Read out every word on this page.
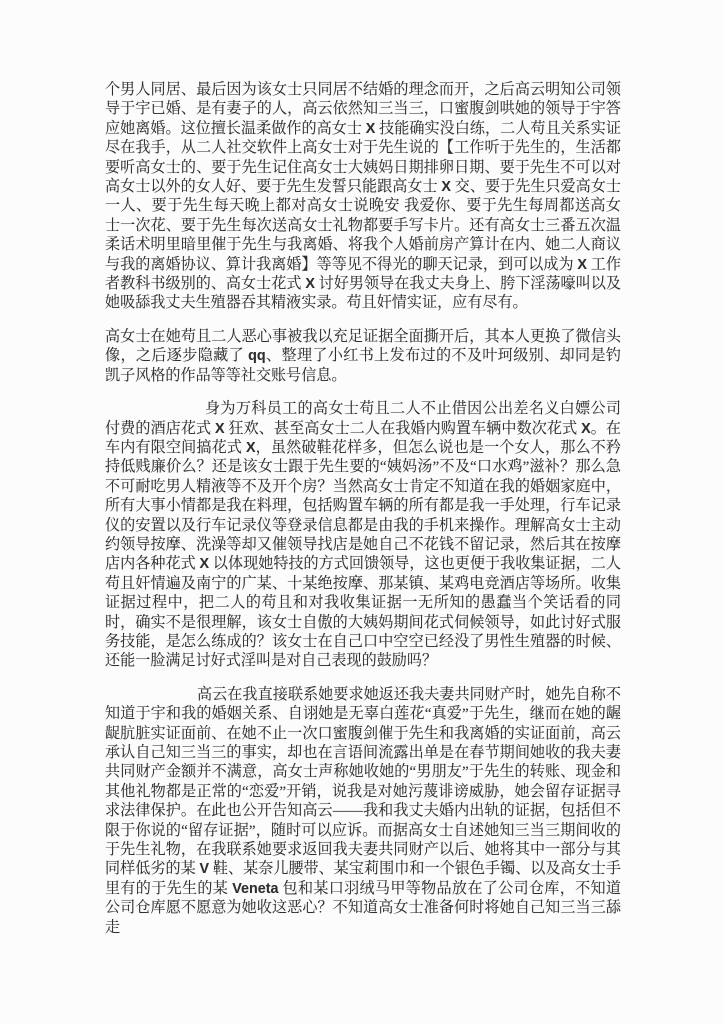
个男人同居、最后因为该女士只同居不结婚的理念而开，之后高云明知公司领导于宇已婚、是有妻子的人，高云依然知三当三，口蜜腹剑哄她的领导于宇答应她离婚。这位擅长温柔做作的高女士 X 技能确实没白练，二人苟且关系实证尽在我手，从二人社交软件上高女士对于先生说的【工作听于先生的，生活都要听高女士的、要于先生记住高女士大姨妈日期排卵日期、要于先生不可以对高女士以外的女人好、要于先生发誓只能跟高女士 X 交、要于先生只爱高女士一人、要于先生每天晚上都对高女士说晚安 我爱你、要于先生每周都送高女士一次花、要于先生每次送高女士礼物都要手写卡片。还有高女士三番五次温柔话术明里暗里催于先生与我离婚、将我个人婚前房产算计在内、她二人商议与我的离婚协议、算计我离婚】等等见不得光的聊天记录，到可以成为 X 工作者教科书级别的、高女士花式 X 讨好男领导在我丈夫身上、胯下淫荡嚎叫以及她吸舔我丈夫生殖器吞其精液实录。苟且奸情实证，应有尽有。

高女士在她苟且二人恶心事被我以充足证据全面撕开后，其本人更换了微信头像，之后逐步隐藏了 qq、整理了小红书上发布过的不及叶珂级别、却同是钓凯子风格的作品等等社交账号信息。

身为万科员工的高女士苟且二人不止借因公出差名义白嫖公司付费的酒店花式 X 狂欢、甚至高女士二人在我婚内购置车辆中数次花式 X。在车内有限空间搞花式 X，虽然破鞋花样多，但怎么说也是一个女人，那么不矜持低贱廉价么？还是该女士跟于先生要的“姨妈汤”不及“口水鸡”滋补？那么急不可耐吃男人精液等不及开个房？当然高女士肯定不知道在我的婚姻家庭中，所有大事小情都是我在料理，包括购置车辆的所有都是我一手处理，行车记录仪的安置以及行车记录仪等登录信息都是由我的手机来操作。理解高女士主动约领导按摩、洗澡等却又催领导找店是她自己不花钱不留记录，然后其在按摩店内各种花式 X 以体现她特技的方式回馈领导，这也更便于我收集证据，二人苟且奸情遍及南宁的广某、十某绝按摩、那某镇、某鸡电竞酒店等场所。收集证据过程中，把二人的苟且和对我收集证据一无所知的愚蠢当个笑话看的同时，确实不是很理解，该女士自傲的大姨妈期间花式伺候领导，如此讨好式服务技能，是怎么练成的？该女士在自己口中空空已经没了男性生殖器的时候、还能一脸满足讨好式淫叫是对自己表现的鼓励吗？

高云在我直接联系她要求她返还我夫妻共同财产时，她先自称不知道于宇和我的婚姻关系、自诩她是无辜白莲花“真爱”于先生，继而在她的龌龊肮脏实证面前、在她不止一次口蜜腹剑催于先生和我离婚的实证面前，高云承认自己知三当三的事实，却也在言语间流露出单是在春节期间她收的我夫妻共同财产金额并不满意，高女士声称她收她的“男朋友”于先生的转账、现金和其他礼物都是正常的“恋爱”开销，说我是对她污蔑诽谤威胁，她会留存证据寻求法律保护。在此也公开告知高云——我和我丈夫婚内出轨的证据，包括但不限于你说的“留存证据”，随时可以应诉。而据高女士自述她知三当三期间收的于先生礼物，在我联系她要求返回我夫妻共同财产以后、她将其中一部分与其同样低劣的某 V 鞋、某奈儿腰带、某宝莉围巾和一个银色手镯、以及高女士手里有的于先生的某 Veneta 包和某口羽绒马甲等物品放在了公司仓库，不知道公司仓库愿不愿意为她收这恶心？不知道高女士准备何时将她自己知三当三舔走
